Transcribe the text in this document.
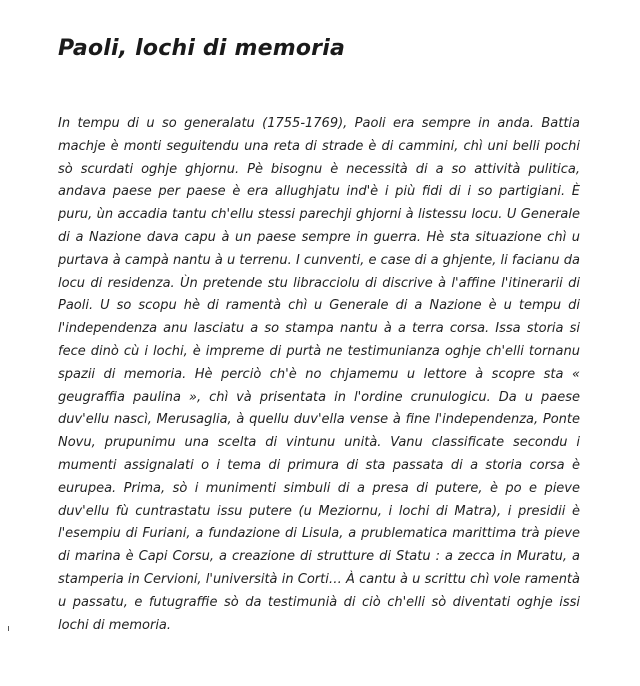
Paoli, lochi di memoria

In tempu di u so generalatu (1755-1769), Paoli era sempre in anda. Battia machje è monti seguitendu una reta di strade è di cammini, chì uni belli pochi sò scurdati oghje ghjornu. Pè bisognu è necessità di a so attività pulitica, andava paese per paese è era allughjatu ind'è i più fidi di i so partigiani. È puru, ùn accadia tantu ch'ellu stessi parechji ghjorni à listessu locu. U Generale di a Nazione dava capu à un paese sempre in guerra. Hè sta situazione chì u purtava à campà nantu à u terrenu. I cunventi, e case di a ghjente, li facianu da locu di residenza. Ùn pretende stu libracciolu di discrive à l'affine l'itinerarii di Paoli. U so scopu hè di ramentà chì u Generale di a Nazione è u tempu di l'independenza anu lasciatu a so stampa nantu à a terra corsa. Issa storia si fece dinò cù i lochi, è impreme di purtà ne testimunianza oghje ch'elli tornanu spazii di memoria. Hè perciò ch'è no chjamemu u lettore à scopre sta « geugraffia paulina », chì và prisentata in l'ordine crunulogicu. Da u paese duv'ellu nascì, Merusaglia, à quellu duv'ella vense à fine l'independenza, Ponte Novu, prupunimu una scelta di vintunu unità. Vanu classificate secondu i mumenti assignalati o i tema di primura di sta passata di a storia corsa è eurupea. Prima, sò i munimenti simbuli di a presa di putere, è po e pieve duv'ellu fù cuntrastatu issu putere (u Meziornu, i lochi di Matra), i presidii è l'esempiu di Furiani, a fundazione di Lisula, a prublematica marittima trà pieve di marina è Capi Corsu, a creazione di strutture di Statu : a zecca in Muratu, a stamperia in Cervioni, l'università in Corti… À cantu à u scrittu chì vole ramentà u passatu, e futugraffie sò da testimunià di ciò ch'elli sò diventati oghje issi lochi di memoria.
